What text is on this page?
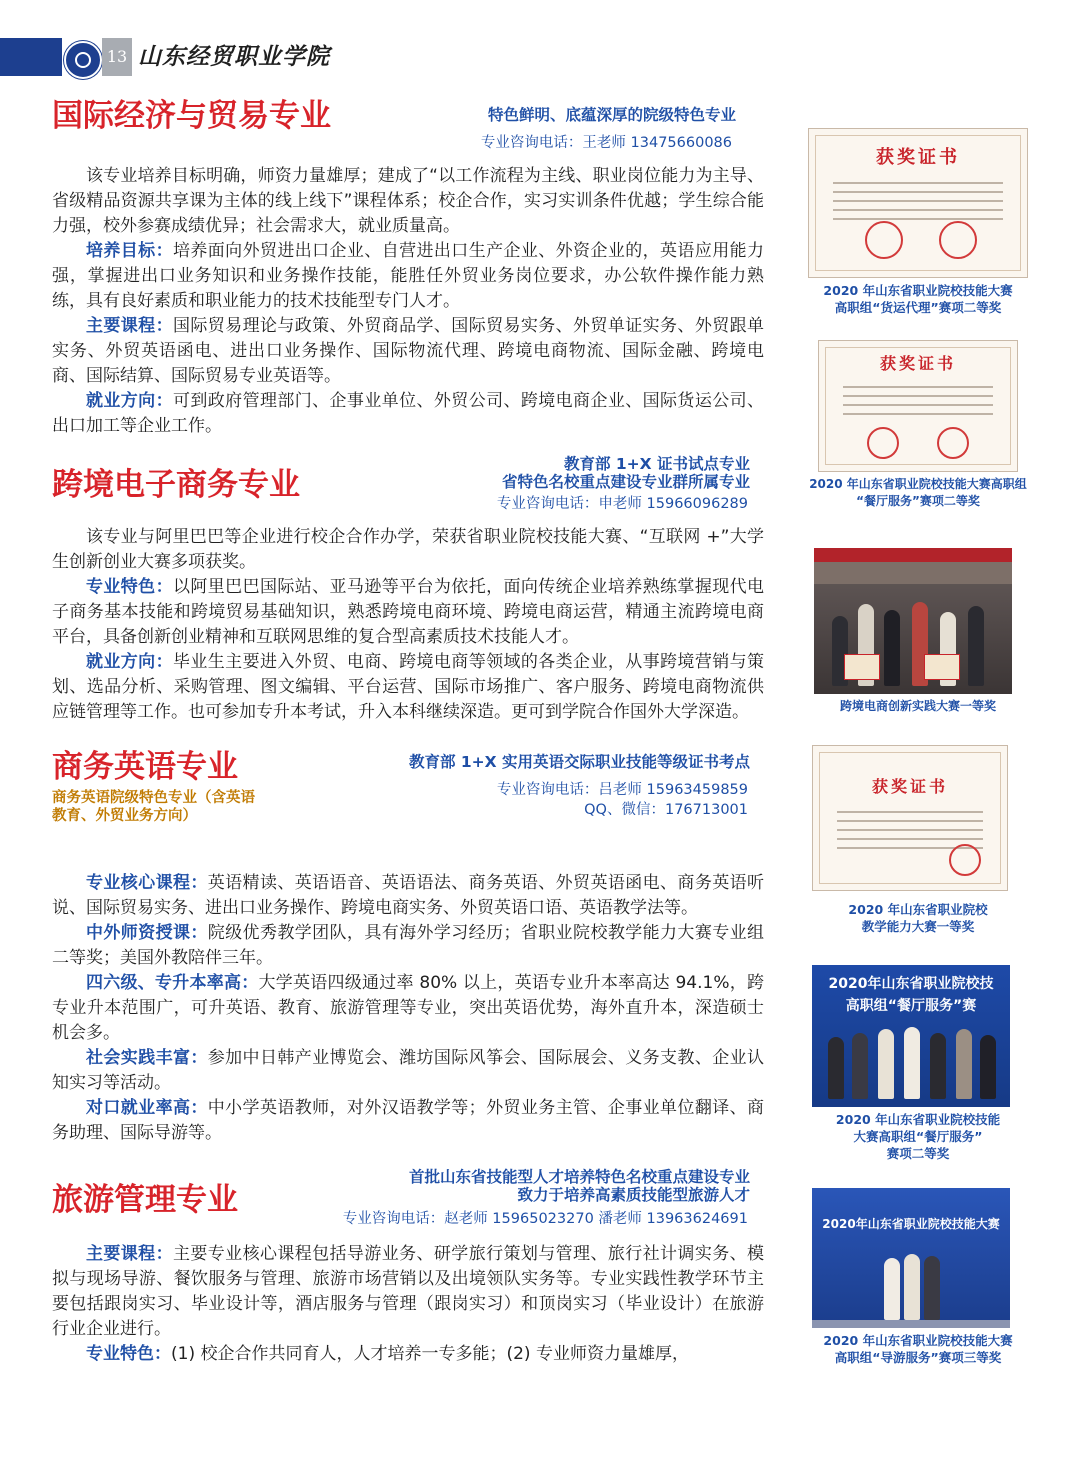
13 山东经贸职业学院
国际经济与贸易专业	特色鲜明、底蕴深厚的院级特色专业
专业咨询电话：王老师 13475660086

该专业培养目标明确，师资力量雄厚；建成了“以工作流程为主线、职业岗位能力为主导、省级精品资源共享课为主体的线上线下”课程体系；校企合作，实习实训条件优越；学生综合能力强，校外参赛成绩优异；社会需求大，就业质量高。

培养目标：培养面向外贸进出口企业、自营进出口生产企业、外资企业的，英语应用能力强，掌握进出口业务知识和业务操作技能，能胜任外贸业务岗位要求，办公软件操作能力熟练，具有良好素质和职业能力的技术技能型专门人才。

主要课程：国际贸易理论与政策、外贸商品学、国际贸易实务、外贸单证实务、外贸跟单实务、外贸英语函电、进出口业务操作、国际物流代理、跨境电商物流、国际金融、跨境电商、国际结算、国际贸易专业英语等。

就业方向：可到政府管理部门、企事业单位、外贸公司、跨境电商企业、国际货运公司、出口加工等企业工作。

跨境电子商务专业
教育部 1+X 证书试点专业
省特色名校重点建设专业群所属专业
专业咨询电话：申老师 15966096289

该专业与阿里巴巴等企业进行校企合作办学，荣获省职业院校技能大赛、“互联网 +”大学生创新创业大赛多项获奖。

专业特色：以阿里巴巴国际站、亚马逊等平台为依托，面向传统企业培养熟练掌握现代电子商务基本技能和跨境贸易基础知识，熟悉跨境电商环境、跨境电商运营，精通主流跨境电商平台，具备创新创业精神和互联网思维的复合型高素质技术技能人才。

就业方向：毕业生主要进入外贸、电商、跨境电商等领域的各类企业，从事跨境营销与策划、选品分析、采购管理、图文编辑、平台运营、国际市场推广、客户服务、跨境电商物流供应链管理等工作。也可参加专升本考试，升入本科继续深造。更可到学院合作国外大学深造。

商务英语专业
商务英语院级特色专业（含英语教育、外贸业务方向）
教育部 1+X 实用英语交际职业技能等级证书考点
专业咨询电话：吕老师 15963459859
QQ、微信：176713001

专业核心课程：英语精读、英语语音、英语语法、商务英语、外贸英语函电、商务英语听说、国际贸易实务、进出口业务操作、跨境电商实务、外贸英语口语、英语教学法等。

中外师资授课：院级优秀教学团队，具有海外学习经历；省职业院校教学能力大赛专业组二等奖；美国外教陪伴三年。

四六级、专升本率高：大学英语四级通过率 80% 以上，英语专业升本率高达 94.1%，跨专业升本范围广，可升英语、教育、旅游管理等专业，突出英语优势，海外直升本，深造硕士机会多。

社会实践丰富：参加中日韩产业博览会、潍坊国际风筝会、国际展会、义务支教、企业认知实习等活动。

对口就业率高：中小学英语教师，对外汉语教学等；外贸业务主管、企事业单位翻译、商务助理、国际导游等。

旅游管理专业
首批山东省技能型人才培养特色名校重点建设专业
致力于培养高素质技能型旅游人才
专业咨询电话：赵老师 15965023270 潘老师 13963624691

主要课程：主要专业核心课程包括导游业务、研学旅行策划与管理、旅行社计调实务、模拟与现场导游、餐饮服务与管理、旅游市场营销以及出境领队实务等。专业实践性教学环节主要包括跟岗实习、毕业设计等，酒店服务与管理（跟岗实习）和顶岗实习（毕业设计）在旅游行业企业进行。

专业特色：(1) 校企合作共同育人，人才培养一专多能；(2) 专业师资力量雄厚，

获奖证书
2020 年山东省职业院校技能大赛
高职组“货运代理”赛项二等奖
获奖证书
2020 年山东省职业院校技能大赛高职组
“餐厅服务”赛项二等奖
跨境电商创新实践大赛一等奖
获奖证书
2020 年山东省职业院校
教学能力大赛一等奖
2020年山东省职业院校技
高职组“餐厅服务”赛
2020 年山东省职业院校技能
大赛高职组“餐厅服务”
赛项二等奖
2020年山东省职业院校技能大赛
2020 年山东省职业院校技能大赛
高职组“导游服务”赛项三等奖
